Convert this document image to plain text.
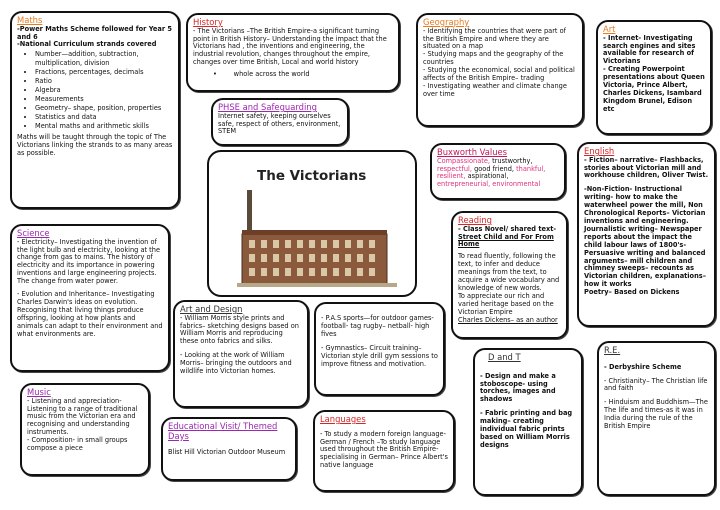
Maths
-Power Maths Scheme followed for Year 5 and 6
-National Curriculum strands covered
• Number—addition, subtraction, multiplication, division
• Fractions, percentages, decimals
• Ratio
• Algebra
• Measurements
• Geometry– shape, position, properties
• Statistics and data
• Mental maths and arithmetic skills
Maths will be taught through the topic of The Victorians linking the strands to as many areas as possible.
History
- The Victorians –The British Empire-a significant turning point in British History– Understanding the impact that the Victorians had , the inventions and engineering, the industrial revolution, changes throughout the empire, changes over time British, Local and world history
•        whole across the world
Geography
- Identifying the countries that were part of the British Empire and where they are situated on a map
- Studying maps and the geography of the countries
- Studying the economical, social and political affects of the British Empire– trading
- Investigating weather and climate change over time
Art
- Internet- Investigating search engines and sites available for research of Victorians
- Creating Powerpoint presentations about Queen Victoria, Prince Albert, Charles Dickens, Isambard Kingdom Brunel, Edison etc
PHSE and Safeguarding
Internet safety, keeping ourselves safe, respect of others, environment, STEM
The Victorians
Buxworth Values
Compassionate, trustworthy, respectful, good friend, thankful, resilient, aspirational, entrepreneurial, environmental
English
- Fiction– narrative– Flashbacks, stories about Victorian mill and workhouse children, Oliver Twist.
-Non-Fiction- Instructional writing- how to make the waterwheel power the mill, Non Chronological Reports– Victorian inventions and engineering. Journalistic writing– Newspaper reports about the impact the child labour laws of 1800's- Persuasive writing and balanced arguments– mill children and chimney sweeps– recounts as Victorian children, explanations– how it works
Poetry– Based on Dickens
Science
- Electricity– Investigating the invention of the light bulb and electricity, looking at the change from gas to mains. The history of electricity and its importance in powering inventions and large engineering projects. The change from water power.
- Evolution and Inheritance– Investigating Charles Darwin's ideas on evolution. Recognising that living things produce offspring, looking at how plants and animals can adapt to their environment and what environments are.
Reading
- Class Novel/ shared text-
Street Child and For From Home
To read fluently, following the text, to infer and deduce meanings from the text, to acquire a wide vocabulary and knowledge of new words.
To appreciate our rich and varied heritage based on the Victorian Empire
Charles Dickens– as an author
Art and Design
- William Morris style prints and fabrics– sketching designs based on William Morris and reproducing these onto fabrics and silks.
- Looking at the work of William Morris– bringing the outdoors and wildlife into Victorian homes.
- P.A.S sports—for outdoor games-football- tag rugby– netball- high fives
- Gymnastics– Circuit training– Victorian style drill gym sessions to improve fitness and motivation.
D and T
- Design and make a stoboscope- using torches, images and shadows
- Fabric printing and bag making– creating individual fabric prints based on William Morris designs
R.E.
- Derbyshire Scheme
- Christianity– The Christian life and faith
- Hinduism and Buddhism—The The life and times-as it was in India during the rule of the British Empire
Music
- Listening and appreciation- Listening to a range of traditional music from the Victorian era and recognising and understanding instruments.
- Composition- in small groups compose a piece
Educational Visit/ Themed Days
Blist Hill Victorian Outdoor Museum
Languages
- To study a modern foreign language- German / French –To study language used throughout the British Empire- specialising in German– Prince Albert's native language
